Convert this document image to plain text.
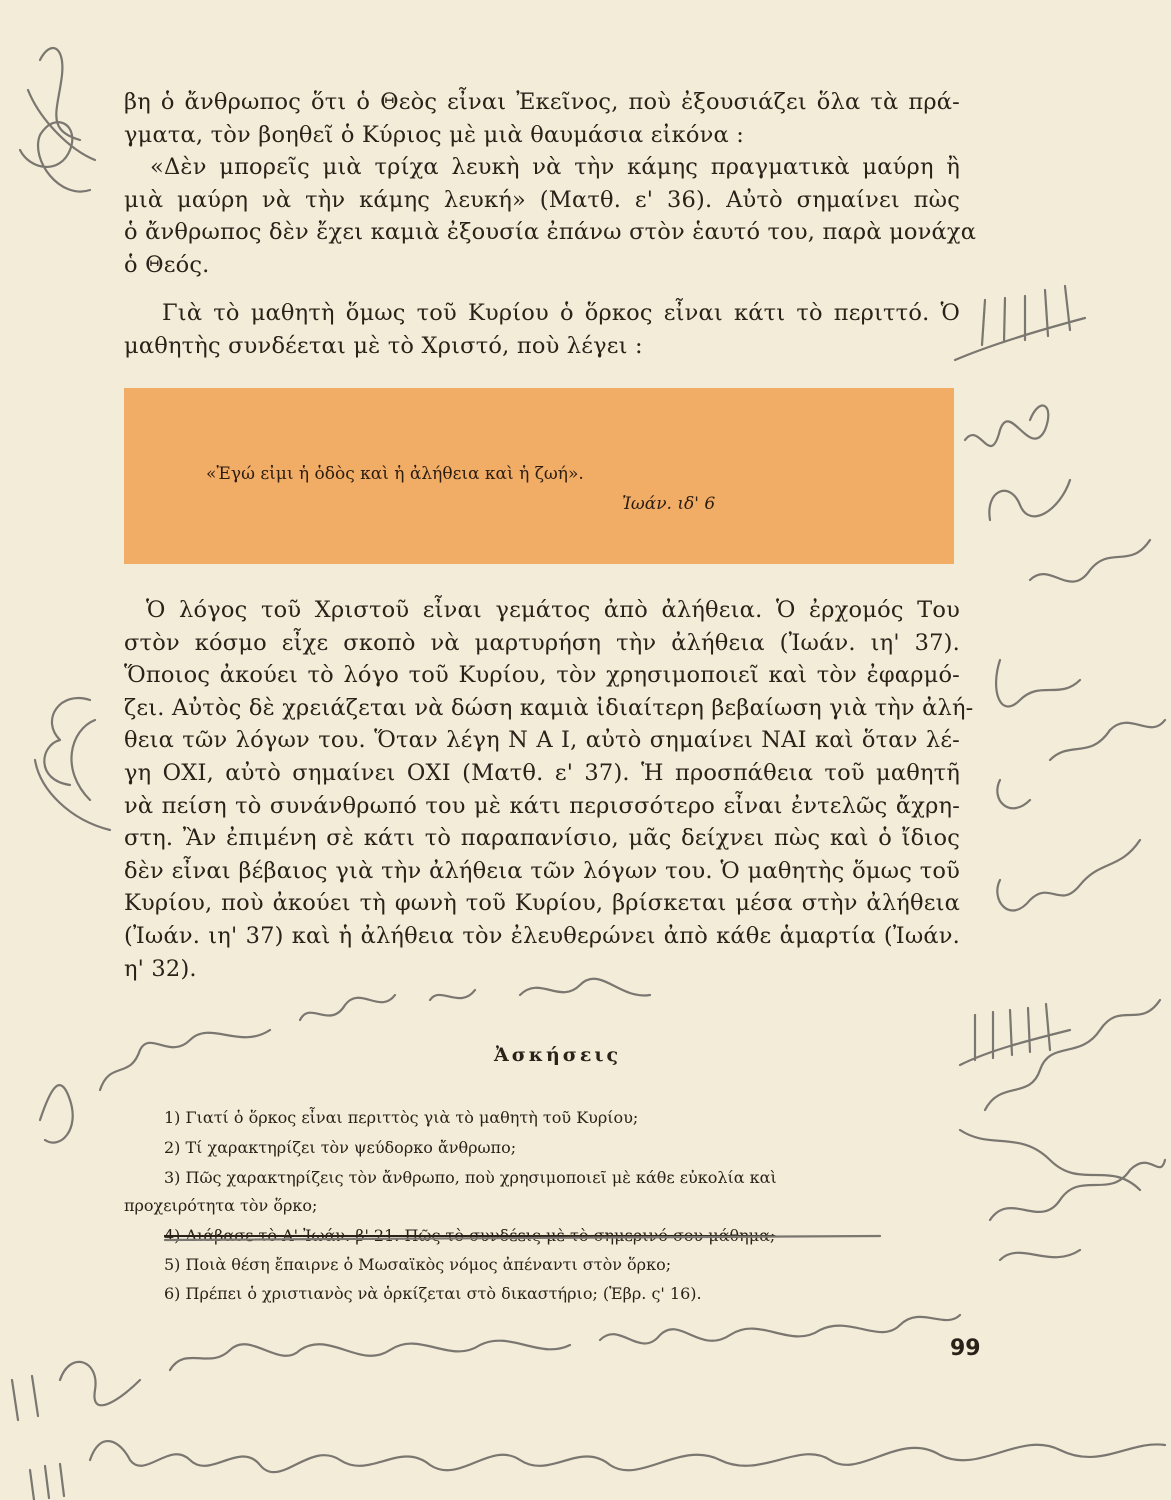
βη ὁ ἄνθρωπος ὅτι ὁ Θεὸς εἶναι Ἐκεῖνος, ποὺ ἐξουσιάζει ὅλα τὰ πρά-
γματα, τὸν βοηθεῖ ὁ Κύριος μὲ μιὰ θαυμάσια εἰκόνα :
«Δὲν μπορεῖς μιὰ τρίχα λευκὴ νὰ τὴν κάμης πραγματικὰ μαύρη ἢ
μιὰ μαύρη νὰ τὴν κάμης λευκή» (Ματθ. ε' 36). Αὐτὸ σημαίνει πὼς
ὁ ἄνθρωπος δὲν ἔχει καμιὰ ἐξουσία ἐπάνω στὸν ἑαυτό του, παρὰ μονάχα
ὁ Θεός.
Γιὰ τὸ μαθητὴ ὅμως τοῦ Κυρίου ὁ ὅρκος εἶναι κάτι τὸ περιττό. Ὁ
μαθητὴς συνδέεται μὲ τὸ Χριστό, ποὺ λέγει :
«Ἐγώ εἰμι ἡ ὁδὸς καὶ ἡ ἀλήθεια καὶ ἡ ζωή».
Ἰωάν. ιδ' 6
Ὁ λόγος τοῦ Χριστοῦ εἶναι γεμάτος ἀπὸ ἀλήθεια. Ὁ ἐρχομός Του
στὸν κόσμο εἶχε σκοπὸ νὰ μαρτυρήση τὴν ἀλήθεια (Ἰωάν. ιη' 37).
Ὅποιος ἀκούει τὸ λόγο τοῦ Κυρίου, τὸν χρησιμοποιεῖ καὶ τὸν ἐφαρμό-
ζει. Αὐτὸς δὲ χρειάζεται νὰ δώση καμιὰ ἰδιαίτερη βεβαίωση γιὰ τὴν ἀλή-
θεια τῶν λόγων του. Ὅταν λέγη Ν Α Ι, αὐτὸ σημαίνει ΝΑΙ καὶ ὅταν λέ-
γη ΟΧΙ, αὐτὸ σημαίνει ΟΧΙ (Ματθ. ε' 37). Ἡ προσπάθεια τοῦ μαθητῆ
νὰ πείση τὸ συνάνθρωπό του μὲ κάτι περισσότερο εἶναι ἐντελῶς ἄχρη-
στη. Ἂν ἐπιμένη σὲ κάτι τὸ παραπανίσιο, μᾶς δείχνει πὼς καὶ ὁ ἴδιος
δὲν εἶναι βέβαιος γιὰ τὴν ἀλήθεια τῶν λόγων του. Ὁ μαθητὴς ὅμως τοῦ
Κυρίου, ποὺ ἀκούει τὴ φωνὴ τοῦ Κυρίου, βρίσκεται μέσα στὴν ἀλήθεια
(Ἰωάν. ιη' 37) καὶ ἡ ἀλήθεια τὸν ἐλευθερώνει ἀπὸ κάθε ἁμαρτία (Ἰωάν.
η' 32).
Ἀσκήσεις
1) Γιατί ὁ ὅρκος εἶναι περιττὸς γιὰ τὸ μαθητὴ τοῦ Κυρίου;
2) Τί χαρακτηρίζει τὸν ψεύδορκο ἄνθρωπο;
3) Πῶς χαρακτηρίζεις τὸν ἄνθρωπο, ποὺ χρησιμοποιεῖ μὲ κάθε εὐκολία καὶ
προχειρότητα τὸν ὅρκο;
4) Διάβασε τὸ Α' Ἰωάν. β' 21. Πῶς τὸ συνδέεις μὲ τὸ σημερινό σου μάθημα;
5) Ποιὰ θέση ἔπαιρνε ὁ Μωσαϊκὸς νόμος ἀπέναντι στὸν ὅρκο;
6) Πρέπει ὁ χριστιανὸς νὰ ὁρκίζεται στὸ δικαστήριο; (Ἑβρ. ς' 16).
99
